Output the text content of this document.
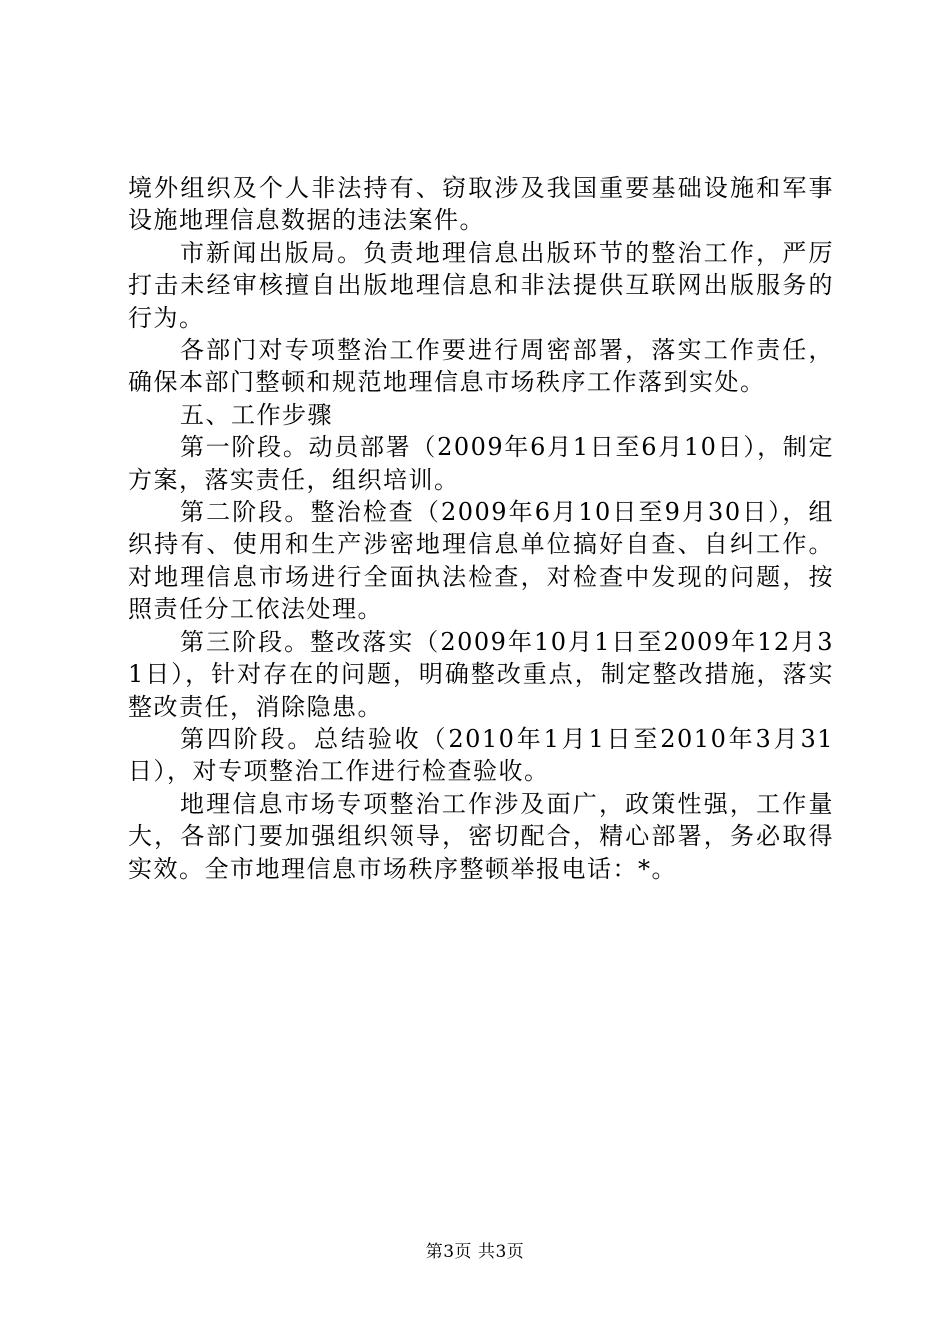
境外组织及个人非法持有、窃取涉及我国重要基础设施和军事设施地理信息数据的违法案件。

市新闻出版局。负责地理信息出版环节的整治工作，严厉打击未经审核擅自出版地理信息和非法提供互联网出版服务的行为。

各部门对专项整治工作要进行周密部署，落实工作责任，确保本部门整顿和规范地理信息市场秩序工作落到实处。

五、工作步骤

第一阶段。动员部署（2009年6月1日至6月10日），制定方案，落实责任，组织培训。

第二阶段。整治检查（2009年6月10日至9月30日），组织持有、使用和生产涉密地理信息单位搞好自查、自纠工作。对地理信息市场进行全面执法检查，对检查中发现的问题，按照责任分工依法处理。

第三阶段。整改落实（2009年10月1日至2009年12月31日），针对存在的问题，明确整改重点，制定整改措施，落实整改责任，消除隐患。

第四阶段。总结验收（2010年1月1日至2010年3月31日），对专项整治工作进行检查验收。

地理信息市场专项整治工作涉及面广，政策性强，工作量大，各部门要加强组织领导，密切配合，精心部署，务必取得实效。全市地理信息市场秩序整顿举报电话：*。

第3页 共3页
